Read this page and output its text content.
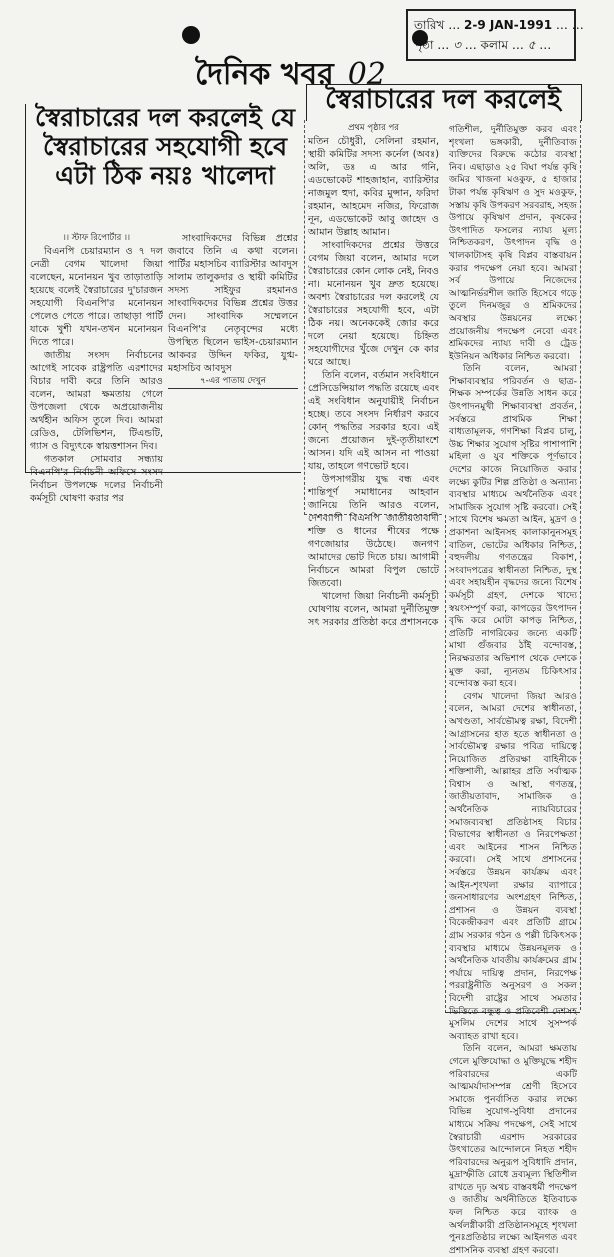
তারিখ … 2-9 JAN-1991 … …
পৃষ্ঠা … ৩ … কলাম … ৫ …
দৈনিক খবর 02
স্বৈরাচারের দল করলেই যে
স্বৈরাচারের সহযোগী হবে
এটা ঠিক নয়ঃ খালেদা
।। স্টাফ রিপোর্টার ।।

বিএনপি চেয়ারম্যান ও ৭ দল নেত্রী বেগম খালেদা জিয়া বলেছেন, মনোনয়ন খুব তাড়াতাড়ি হয়েছে বলেই স্বৈরাচারের দু'চারজন সহযোগী বিএনপি'র মনোনয়ন পেলেও পেতে পারে। তাছাড়া পার্টি যাকে খুশী যখন-তখন মনোনয়ন দিতে পারে।

জাতীয় সংসদ নির্বাচনের আগেই সাবেক রাষ্ট্রপতি এরশাদের বিচার দাবী করে তিনি আরও বলেন, আমরা ক্ষমতায় গেলে উপজেলা থেকে অপ্রয়োজনীয় অর্থহীন অফিস তুলে দিব। আমরা রেডিও, টেলিভিশন, টিএন্ডটি, গ্যাস ও বিদ্যুৎকে স্বায়ত্তশাসন দিব।

গতকাল সোমবার সন্ধ্যায় বিএনপি'র নির্বাচনী অফিসে সংসদ নির্বাচন উপলক্ষে দলের নির্বাচনী কর্মসূচী ঘোষণা করার পর

সাংবাদিকদের বিভিন্ন প্রশ্নের জবাবে তিনি এ কথা বলেন। পার্টির মহাসচিব ব্যারিস্টার আবদুস সালাম তালুকদার ও স্থায়ী কমিটির সদস্য সাইফুর রহমানও সাংবাদিকদের বিভিন্ন প্রশ্নের উত্তর দেন। সাংবাদিক সম্মেলনে বিএনপি'র নেতৃবৃন্দের মধ্যে উপস্থিত ছিলেন ভাইস-চেয়ারম্যান আকবর উদ্দিন ফকির, যুগ্ম-মহাসচিব আবদুস

৭-এর পাতায় দেখুন
স্বৈরাচারের দল করলেই
প্রথম পৃষ্ঠার পর

মতিন চৌধুরী, সেলিনা রহমান, স্থায়ী কমিটির সদস্য কর্নেল (অবঃ) অলি, ডঃ এ আর গনি, এডভোকেট শাহজাহান, ব্যারিস্টার নাজমুল হুদা, কবির মুন্সান, ফরিদা রহমান, আহমেদ নজির, ফিরোজ নূন, এডভোকেট আবু জাহেদ ও আমান উল্লাহ আমান।

সাংবাদিকদের প্রশ্নের উত্তরে বেগম জিয়া বলেন, আমার দলে স্বৈরাচারের কোন লোক নেই, নিবও না। মনোনয়ন খুব দ্রুত হয়েছে। অবশ্য স্বৈরাচারের দল করলেই যে স্বৈরাচারের সহযোগী হবে, এটা ঠিক নয়। অনেককেই জোর করে দলে নেয়া হয়েছে। চিহ্নিত সহযোগীদের খুঁজে দেখুন কে কার ঘরে আছে।

তিনি বলেন, বর্তমান সংবিধানে প্রেসিডেন্সিয়াল পদ্ধতি রয়েছে এবং এই সংবিধান অনুযায়ীই নির্বাচন হচ্ছে। তবে সংসদ নির্ধারণ করবে কোন্ পদ্ধতির সরকার হবে। এই জন্যে প্রয়োজন দুই-তৃতীয়াংশে আসন। যদি এই আসন না পাওয়া যায়, তাহলে গণভোট হবে।

উপসাগরীয় যুদ্ধ বন্ধ এবং শান্তিপূর্ণ সমাধানের আহবান জানিয়ে তিনি আরও বলেন, দেশব্যাপী বিএনপি জাতীয়তাবাদী শক্তি ও ধানের শীষের পক্ষে গণজোয়ার উঠেছে। জনগণ আমাদের ভোট দিতে চায়। আগামী নির্বাচনে আমরা বিপুল ভোটে জিতবো।

খালেদা জিয়া নির্বাচনী কর্মসূচী ঘোষণায় বলেন, আমরা দুর্নীতিমুক্ত সৎ সরকার প্রতিষ্ঠা করে প্রশাসনকে

গতিশীল, দুর্নীতিমুক্ত করব এবং শৃংখলা ভঙ্গকারী, দুর্নীতিবাজ ব্যক্তিদের বিরুদ্ধে কঠোর ব্যবস্থা নিব। এছাড়াও ২৫ বিঘা পর্যন্ত কৃষি জমির খাজনা মওকুফ, ৫ হাজার টাকা পর্যন্ত কৃষিঋণ ও সুদ মওকুফ, সস্তায় কৃষি উপকরণ সরবরাহ, সহজ উপায়ে কৃষিঋণ প্রদান, কৃষকের উৎপাদিত ফসলের ন্যায্য মূল্য নিশ্চিতকরণ, উৎপাদন বৃদ্ধি ও খালকাটাসহ কৃষি বিপ্লব বাস্তবায়ন করার পদক্ষেপ নেয়া হবে। আমরা সর্ব উপায়ে নিজেদের আত্মনির্ভরশীল জাতি হিসেবে গড়ে তুলে দিনমজুর ও শ্রমিকদের অবস্থার উন্নয়নের লক্ষ্যে প্রয়োজনীয় পদক্ষেপ নেবো এবং শ্রমিকদের ন্যায্য দাবী ও ট্রেড ইউনিয়ন অধিকার নিশ্চিত করবো।

তিনি বলেন, আমরা শিক্ষাব্যবস্থার পরিবর্তন ও ছাত্র-শিক্ষক সম্পর্কের উন্নতি সাধন করে উৎপাদনমুখী শিক্ষাব্যবস্থা প্রবর্তন, সর্বস্তরে প্রাথমিক শিক্ষা বাধ্যতামূলক, গণশিক্ষা বিপ্লব চালু, উচ্চ শিক্ষার সুযোগ সৃষ্টির পাশাপাশি মহিলা ও যুব শক্তিকে পূর্ণভাবে দেশের কাজে নিয়োজিত করার লক্ষ্যে কুটির শিল্প প্রতিষ্ঠা ও অন্যান্য ব্যবস্থার মাধ্যমে অর্থনৈতিক এবং সামাজিক সুযোগ সৃষ্টি করবো। সেই সাথে বিশেষ ক্ষমতা আইন, মুদ্রণ ও প্রকাশনা আইনসহ কালাকানুনসমূহ বাতিল, ভোটের অধিকার নিশ্চিত, বহুদলীয় গণতন্ত্রের বিকাশ, সংবাদপত্রের স্বাধীনতা নিশ্চিত, দুস্থ এবং সহায়হীন বৃদ্ধদের জন্যে বিশেষ কর্মসূচী গ্রহণ, দেশকে খাদ্যে স্বয়ংসম্পূর্ণ করা, কাপড়ের উৎপাদন বৃদ্ধি করে মোটা কাপড় নিশ্চিত, প্রতিটি নাগরিকের জন্যে একটি মাথা গুঁজবার ঠাঁই বন্দোবস্ত, নিরক্ষরতার অভিশাপ থেকে দেশকে মুক্ত করা, ন্যূনতম চিকিৎসার বন্দোবস্ত করা হবে।

বেগম খালেদা জিয়া আরও বলেন, আমরা দেশের স্বাধীনতা, অখণ্ডতা, সার্বভৌমত্ব রক্ষা, বিদেশী আগ্রাসনের হাত হতে স্বাধীনতা ও সার্বভৌমত্ব রক্ষার পবিত্র দায়িত্বে নিয়োজিত প্রতিরক্ষা বাহিনীকে শক্তিশালী, আল্লাহর প্রতি সর্বাত্মক বিশ্বাস ও আস্থা, গণতন্ত্র, জাতীয়তাবাদ, সামাজিক ও অর্থনৈতিক ন্যায়বিচারের সমাজব্যবস্থা প্রতিষ্ঠাসহ বিচার বিভাগের স্বাধীনতা ও নিরপেক্ষতা এবং আইনের শাসন নিশ্চিত করবো। সেই সাথে প্রশাসনের সর্বস্তরে উন্নয়ন কার্যক্রম এবং আইন-শৃংখলা রক্ষার ব্যাপারে জনসাধারণের অংশগ্রহণ নিশ্চিত, প্রশাসন ও উন্নয়ন ব্যবস্থা বিকেন্দ্রীকরণ এবং প্রতিটি গ্রামে গ্রাম সরকার গঠন ও পল্লী চিকিৎসক ব্যবস্থার মাধ্যমে উন্নয়নমূলক ও অর্থনৈতিক যাবতীয় কার্যক্রমের গ্রাম পর্যায়ে দায়িত্ব প্রদান, নিরপেক্ষ পররাষ্ট্রনীতি অনুসরণ ও সকল বিদেশী রাষ্ট্রের সাথে সমতার ভিত্তিতে বন্ধুত্ব ও প্রতিবেশী দেশসহ মুসলিম দেশের সাথে সুসম্পর্ক অব্যাহত রাখা হবে।

তিনি বলেন, আমরা ক্ষমতায় গেলে মুক্তিযোদ্ধা ও মুক্তিযুদ্ধে শহীদ পরিবারদের একটি আত্মমর্যাদাসম্পন্ন শ্রেণী হিসেবে সমাজে পুনর্বাসিত করার লক্ষ্যে বিভিন্ন সুযোগ-সুবিধা প্রদানের মাধ্যমে সক্রিয় পদক্ষেপ, সেই সাথে স্বৈরাচারী এরশাদ সরকারের উৎখাতের আন্দোলনে নিহত শহীদ পরিবারদের অনুরূপ সুবিধাদি প্রদান, মুদ্রাস্ফীতি রোধে দ্রব্যমূল্য স্থিতিশীল রাখতে দৃঢ় অথচ বাস্তবধর্মী পদক্ষেপ ও জাতীয় অর্থনীতিতে ইতিবাচক ফল নিশ্চিত করে ব্যাংক ও অর্থলগ্নীকারী প্রতিষ্ঠানসমূহে শৃংখলা পুনঃপ্রতিষ্ঠার লক্ষ্যে আইনগত এবং প্রশাসনিক ব্যবস্থা গ্রহণ করবো।
